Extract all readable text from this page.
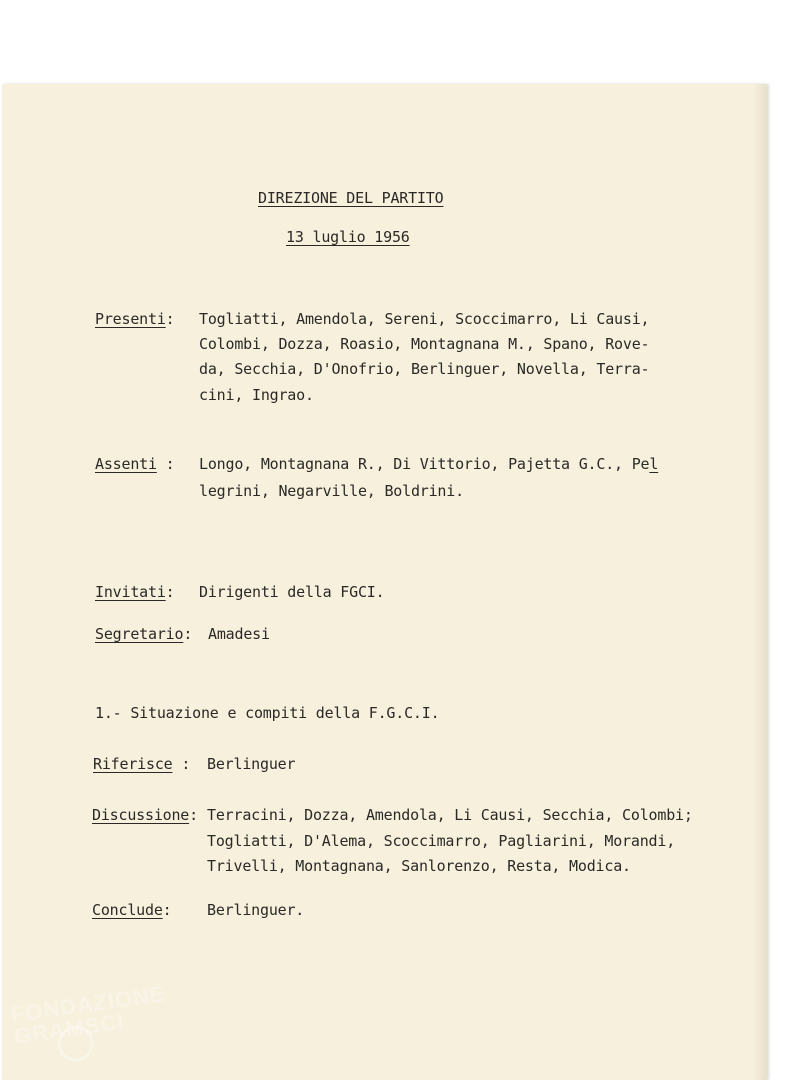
DIREZIONE DEL PARTITO
13 luglio 1956
Presenti: Togliatti, Amendola, Sereni, Scoccimarro, Li Causi,
Colombi, Dozza, Roasio, Montagnana M., Spano, Rove-
da, Secchia, D'Onofrio, Berlinguer, Novella, Terra-
cini, Ingrao.
Assenti : Longo, Montagnana R., Di Vittorio, Pajetta G.C., Pel
legrini, Negarville, Boldrini.
Invitati: Dirigenti della FGCI.
Segretario: Amadesi
1.- Situazione e compiti della F.G.C.I.
Riferisce : Berlinguer
Discussione: Terracini, Dozza, Amendola, Li Causi, Secchia, Colombi;
Togliatti, D'Alema, Scoccimarro, Pagliarini, Morandi,
Trivelli, Montagnana, Sanlorenzo, Resta, Modica.
Conclude: Berlinguer.
FONDAZIONE GRAMSCI
